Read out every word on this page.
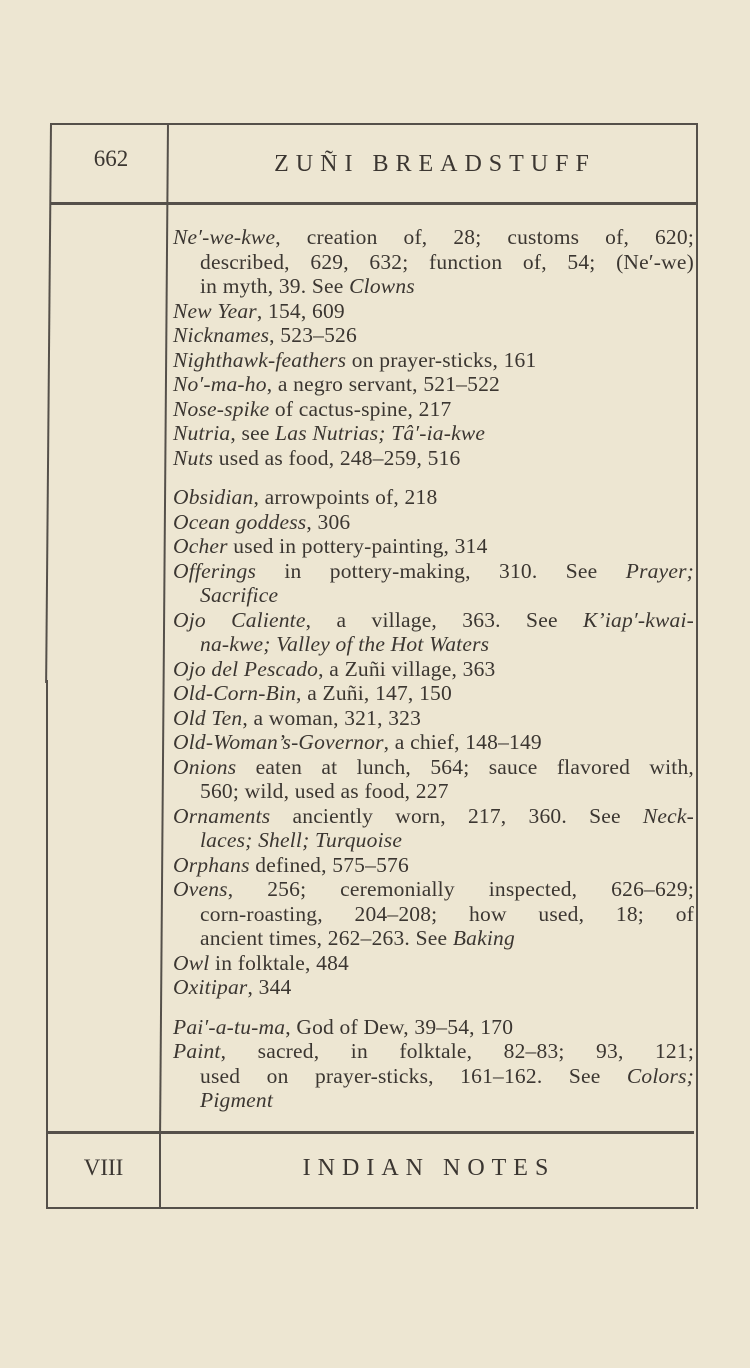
662	ZUÑI BREADSTUFF
Ne′-we-kwe, creation of, 28; customs of, 620;
described, 629, 632; function of, 54; (Ne′-we)
in myth, 39. See Clowns
New Year, 154, 609
Nicknames, 523–526
Nighthawk-feathers on prayer-sticks, 161
No′-ma-ho, a negro servant, 521–522
Nose-spike of cactus-spine, 217
Nutria, see Las Nutrias; Tâ′-ia-kwe
Nuts used as food, 248–259, 516
Obsidian, arrowpoints of, 218
Ocean goddess, 306
Ocher used in pottery-painting, 314
Offerings in pottery-making, 310. See Prayer;
Sacrifice
Ojo Caliente, a village, 363. See K’iap′-kwai-
na-kwe; Valley of the Hot Waters
Ojo del Pescado, a Zuñi village, 363
Old-Corn-Bin, a Zuñi, 147, 150
Old Ten, a woman, 321, 323
Old-Woman’s-Governor, a chief, 148–149
Onions eaten at lunch, 564; sauce flavored with,
560; wild, used as food, 227
Ornaments anciently worn, 217, 360. See Neck-
laces; Shell; Turquoise
Orphans defined, 575–576
Ovens, 256; ceremonially inspected, 626–629;
corn-roasting, 204–208; how used, 18; of
ancient times, 262–263. See Baking
Owl in folktale, 484
Oxitipar, 344
Pai′-a-tu-ma, God of Dew, 39–54, 170
Paint, sacred, in folktale, 82–83; 93, 121;
used on prayer-sticks, 161–162. See Colors;
Pigment
VIII	INDIAN NOTES
